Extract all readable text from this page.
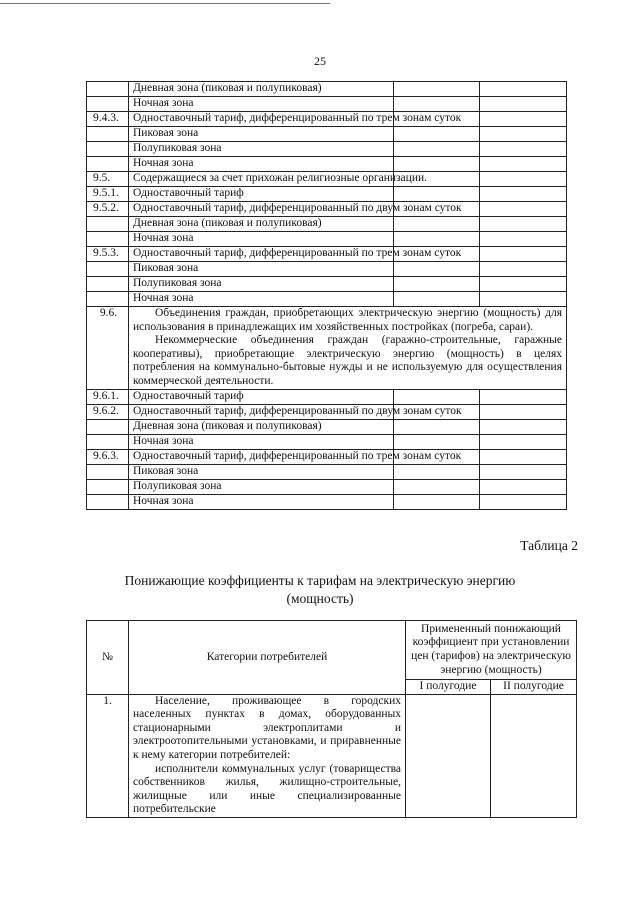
25
	Дневная зона (пиковая и полупиковая)		
	Ночная зона		
9.4.3.	Одноставочный тариф, дифференцированный по трем зонам суток		
	Пиковая зона		
	Полупиковая зона		
	Ночная зона		
9.5.	Содержащиеся за счет прихожан религиозные организации.		
9.5.1.	Одноставочный тариф		
9.5.2.	Одноставочный тариф, дифференцированный по двум зонам суток		
	Дневная зона (пиковая и полупиковая)		
	Ночная зона		
9.5.3.	Одноставочный тариф, дифференцированный по трем зонам суток		
	Пиковая зона		
	Полупиковая зона		
	Ночная зона		
9.6.	Объединения граждан, приобретающих электрическую энергию (мощность) для использования в принадлежащих им хозяйственных постройках (погреба, сараи).

Некоммерческие объединения граждан (гаражно-строительные, гаражные кооперативы), приобретающие электрическую энергию (мощность) в целях потребления на коммунально-бытовые нужды и не используемую для осуществления коммерческой деятельности.		

9.6.1.	Одноставочный тариф		
9.6.2.	Одноставочный тариф, дифференцированный по двум зонам суток		
	Дневная зона (пиковая и полупиковая)		
	Ночная зона		
9.6.3.	Одноставочный тариф, дифференцированный по трем зонам суток		
	Пиковая зона		
	Полупиковая зона		
	Ночная зона		
Таблица 2
Понижающие коэффициенты к тарифам на электрическую энергию (мощность)
№	Категории потребителей	Примененный понижающий коэффициент при установлении цен (тарифов) на электрическую энергию (мощность)	
		I полугодие	II полугодие
1.	Население, проживающее в городских населенных пунктах в домах, оборудованных стационарными электроплитами и электроотопительными установками, и приравненные к нему категории потребителей:

исполнители коммунальных услуг (товарищества собственников жилья, жилищно-строительные, жилищные или иные специализированные потребительские		
